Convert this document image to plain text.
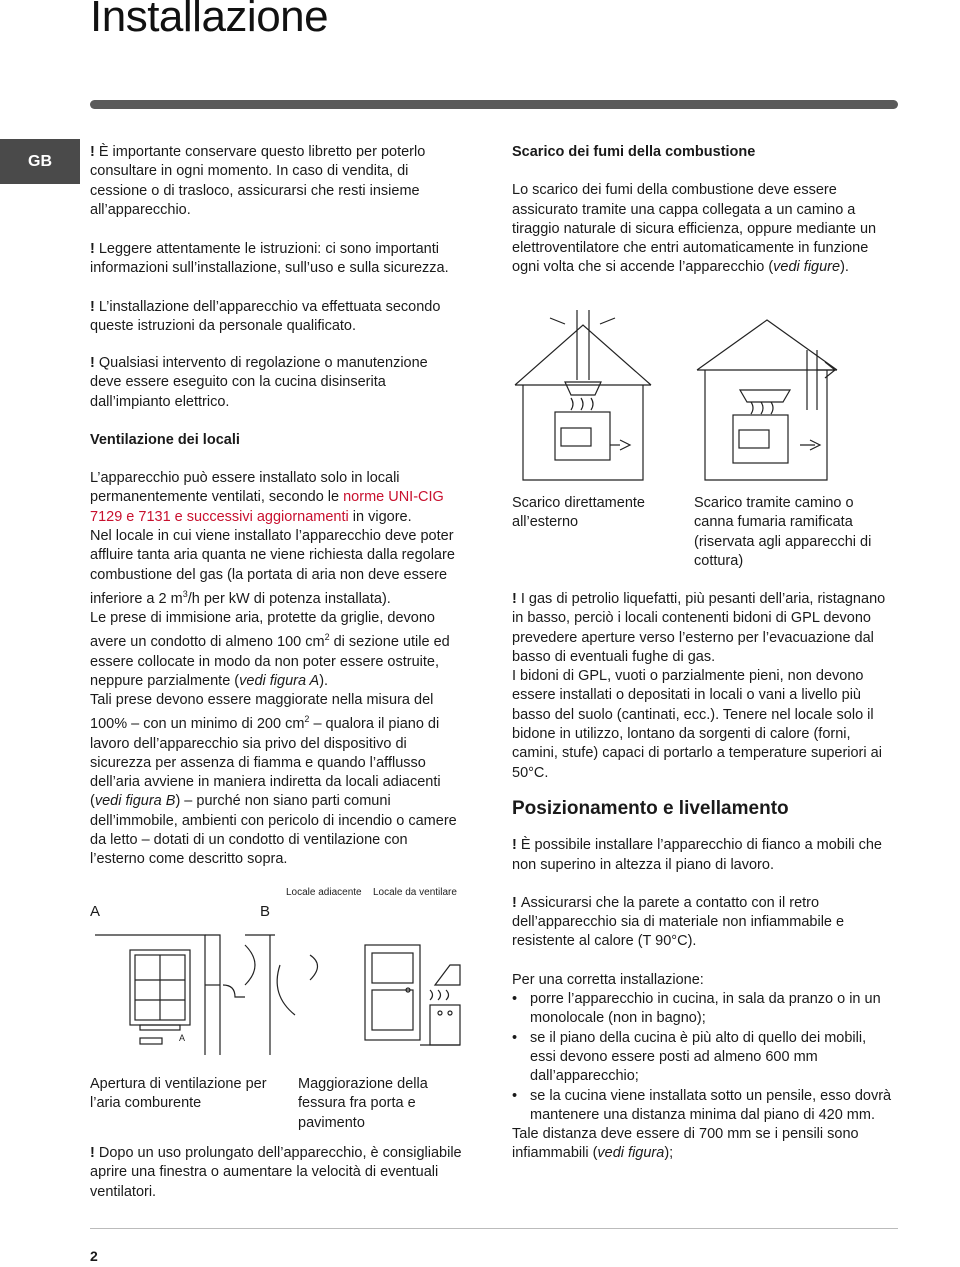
Installazione
GB

! È importante conservare questo libretto per poterlo consultare in ogni momento. In caso di vendita, di cessione o di trasloco, assicurarsi che resti insieme all’apparecchio.

! Leggere attentamente le istruzioni: ci sono importanti informazioni sull’installazione, sull’uso e sulla sicurezza.

! L’installazione dell’apparecchio va effettuata secondo queste istruzioni da personale qualificato.

! Qualsiasi intervento di regolazione o manutenzione deve essere eseguito con la cucina disinserita dall’impianto elettrico.

Ventilazione dei locali

L’apparecchio può essere installato solo in locali permanentemente ventilati, secondo le norme UNI-CIG 7129 e 7131 e successivi aggiornamenti in vigore.

Nel locale in cui viene installato l’apparecchio deve poter affluire tanta aria quanta ne viene richiesta dalla regolare combustione del gas (la portata di aria non deve essere inferiore a 2 $m^3/h$ per kW di potenza installata).

Le prese di immisione aria, protette da griglie, devono avere un condotto di almeno 100 $cm^2$ di sezione utile ed essere collocate in modo da non poter essere ostruite, neppure parzialmente (vedi figura A).

Tali prese devono essere maggiorate nella misura del 100% – con un minimo di 200 $cm^2$ – qualora il piano di lavoro dell’apparecchio sia privo del dispositivo di sicurezza per assenza di fiamma e quando l’afflusso dell’aria avviene in maniera indiretta da locali adiacenti (vedi figura B) – purché non siano parti comuni dell’immobile, ambienti con pericolo di incendio o camere da letto – dotati di un condotto di ventilazione con l’esterno come descritto sopra.

A	B
Locale adiacente Locale da ventilare
A
Apertura di ventilazione per l’aria comburente
Maggiorazione della fessura fra porta e pavimento

! Dopo un uso prolungato dell’apparecchio, è consigliabile aprire una finestra o aumentare la velocità di eventuali ventilatori.

Scarico dei fumi della combustione

Lo scarico dei fumi della combustione deve essere assicurato tramite una cappa collegata a un camino a tiraggio naturale di sicura efficienza, oppure mediante un elettroventilatore che entri automaticamente in funzione ogni volta che si accende l’apparecchio (vedi figure).

Scarico direttamente all’esterno
Scarico tramite camino o canna fumaria ramificata (riservata agli apparecchi di cottura)

! I gas di petrolio liquefatti, più pesanti dell’aria, ristagnano in basso, perciò i locali contenenti bidoni di GPL devono prevedere aperture verso l’esterno per l’evacuazione dal basso di eventuali fughe di gas.

I bidoni di GPL, vuoti o parzialmente pieni, non devono essere installati o depositati in locali o vani a livello più basso del suolo (cantinati, ecc.). Tenere nel locale solo il bidone in utilizzo, lontano da sorgenti di calore (forni, camini, stufe) capaci di portarlo a temperature superiori ai 50°C.

Posizionamento e livellamento

! È possibile installare l’apparecchio di fianco a mobili che non superino in altezza il piano di lavoro.

! Assicurarsi che la parete a contatto con il retro dell’apparecchio sia di materiale non infiammabile e resistente al calore (T 90°C).

Per una corretta installazione:

• porre l’apparecchio in cucina, in sala da pranzo o in un monolocale (non in bagno);
• se il piano della cucina è più alto di quello dei mobili, essi devono essere posti ad almeno 600 mm dall’apparecchio;
• se la cucina viene installata sotto un pensile, esso dovrà mantenere una distanza minima dal piano di 420 mm.

Tale distanza deve essere di 700 mm se i pensili sono infiammabili (vedi figura);

2
